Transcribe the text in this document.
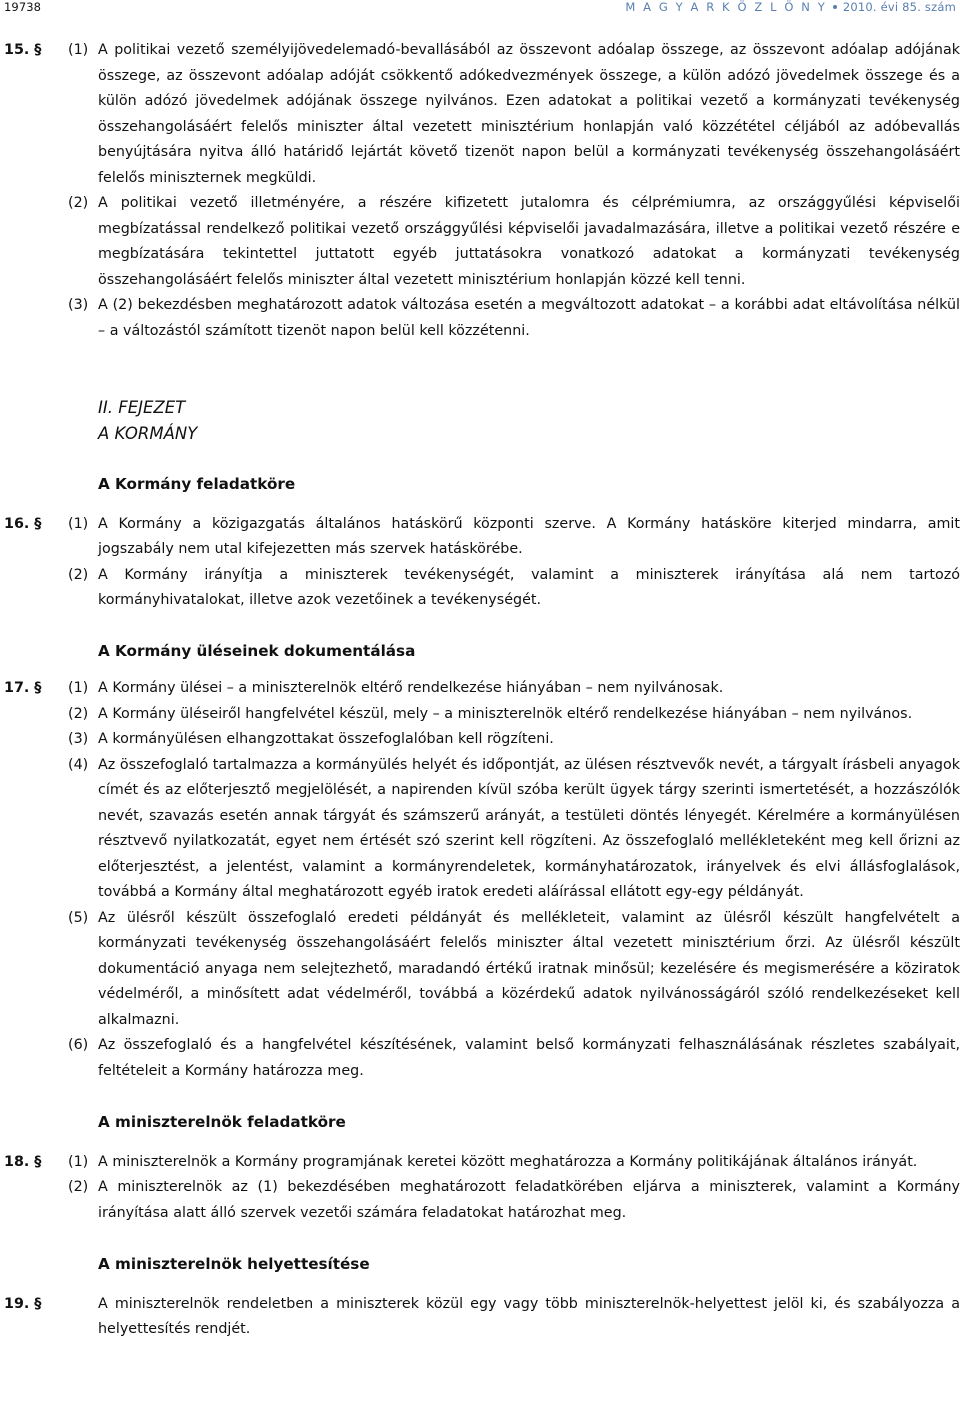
19738	M A G Y A R K Ö Z L Ö N Y 2010. évi 85. szám
15. §	(1) A politikai vezető személyijövedelemadó-bevallásából az összevont adóalap összege, az összevont adóalap adójának összege, az összevont adóalap adóját csökkentő adókedvezmények összege, a külön adózó jövedelmek összege és a külön adózó jövedelmek adójának összege nyilvános. Ezen adatokat a politikai vezető a kormányzati tevékenység összehangolásáért felelős miniszter által vezetett minisztérium honlapján való közzététel céljából az adóbevallás benyújtására nyitva álló határidő lejártát követő tizenöt napon belül a kormányzati tevékenység összehangolásáért felelős miniszternek megküldi.
(2) A politikai vezető illetményére, a részére kifizetett jutalomra és célprémiumra, az országgyűlési képviselői megbízatással rendelkező politikai vezető országgyűlési képviselői javadalmazására, illetve a politikai vezető részére e megbízatására tekintettel juttatott egyéb juttatásokra vonatkozó adatokat a kormányzati tevékenység összehangolásáért felelős miniszter által vezetett minisztérium honlapján közzé kell tenni.
(3) A (2) bekezdésben meghatározott adatok változása esetén a megváltozott adatokat – a korábbi adat eltávolítása nélkül – a változástól számított tizenöt napon belül kell közzétenni.
II. FEJEZET
A KORMÁNY
A Kormány feladatköre
16. §	(1) A Kormány a közigazgatás általános hatáskörű központi szerve. A Kormány hatásköre kiterjed mindarra, amit jogszabály nem utal kifejezetten más szervek hatáskörébe.
(2) A Kormány irányítja a miniszterek tevékenységét, valamint a miniszterek irányítása alá nem tartozó kormányhivatalokat, illetve azok vezetőinek a tevékenységét.
A Kormány üléseinek dokumentálása
17. §	(1) A Kormány ülései – a miniszterelnök eltérő rendelkezése hiányában – nem nyilvánosak.
(2) A Kormány üléseiről hangfelvétel készül, mely – a miniszterelnök eltérő rendelkezése hiányában – nem nyilvános.
(3) A kormányülésen elhangzottakat összefoglalóban kell rögzíteni.
(4) Az összefoglaló tartalmazza a kormányülés helyét és időpontját, az ülésen résztvevők nevét, a tárgyalt írásbeli anyagok címét és az előterjesztő megjelölését, a napirenden kívül szóba került ügyek tárgy szerinti ismertetését, a hozzászólók nevét, szavazás esetén annak tárgyát és számszerű arányát, a testületi döntés lényegét. Kérelmére a kormányülésen résztvevő nyilatkozatát, egyet nem értését szó szerint kell rögzíteni. Az összefoglaló mellékleteként meg kell őrizni az előterjesztést, a jelentést, valamint a kormányrendeletek, kormányhatározatok, irányelvek és elvi állásfoglalások, továbbá a Kormány által meghatározott egyéb iratok eredeti aláírással ellátott egy-egy példányát.
(5) Az ülésről készült összefoglaló eredeti példányát és mellékleteit, valamint az ülésről készült hangfelvételt a kormányzati tevékenység összehangolásáért felelős miniszter által vezetett minisztérium őrzi. Az ülésről készült dokumentáció anyaga nem selejtezhető, maradandó értékű iratnak minősül; kezelésére és megismerésére a köziratok védelméről, a minősített adat védelméről, továbbá a közérdekű adatok nyilvánosságáról szóló rendelkezéseket kell alkalmazni.
(6) Az összefoglaló és a hangfelvétel készítésének, valamint belső kormányzati felhasználásának részletes szabályait, feltételeit a Kormány határozza meg.
A miniszterelnök feladatköre
18. §	(1) A miniszterelnök a Kormány programjának keretei között meghatározza a Kormány politikájának általános irányát.
(2) A miniszterelnök az (1) bekezdésében meghatározott feladatkörében eljárva a miniszterek, valamint a Kormány irányítása alatt álló szervek vezetői számára feladatokat határozhat meg.
A miniszterelnök helyettesítése
19. §	A miniszterelnök rendeletben a miniszterek közül egy vagy több miniszterelnök-helyettest jelöl ki, és szabályozza a helyettesítés rendjét.
